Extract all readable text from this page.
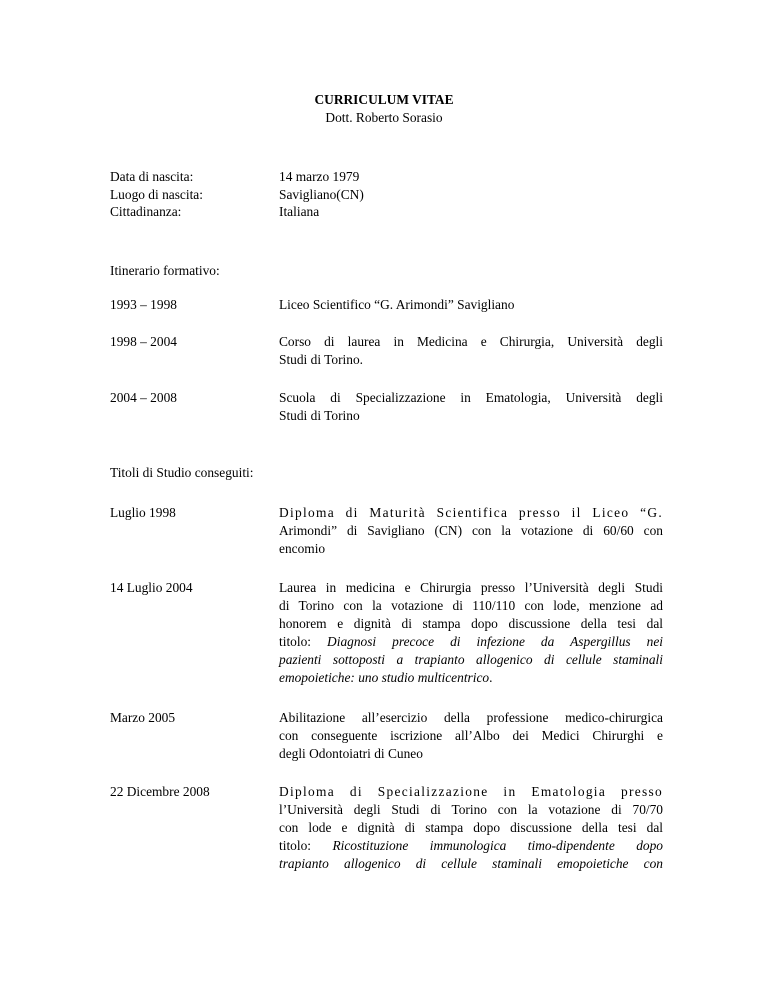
CURRICULUM VITAE
Dott. Roberto Sorasio
Data di nascita:	14 marzo 1979
Luogo di nascita:	Savigliano(CN)
Cittadinanza:	Italiana
Itinerario formativo:
1993 – 1998	Liceo Scientifico “G. Arimondi” Savigliano
1998 – 2004	Corso di laurea in Medicina e Chirurgia, Università degli
Studi di Torino.
2004 – 2008	Scuola di Specializzazione in Ematologia, Università degli
Studi di Torino
Titoli di Studio conseguiti:
Luglio 1998	Diploma di Maturità Scientifica presso il Liceo “G.
Arimondi” di Savigliano (CN) con la votazione di 60/60 con
encomio
14 Luglio 2004	Laurea in medicina e Chirurgia presso l’Università degli Studi
di Torino con la votazione di 110/110 con lode, menzione ad
honorem e dignità di stampa dopo discussione della tesi dal
titolo: Diagnosi precoce di infezione da Aspergillus nei
pazienti sottoposti a trapianto allogenico di cellule staminali
emopoietiche: uno studio multicentrico.
Marzo 2005	Abilitazione all’esercizio della professione medico-chirurgica
con conseguente iscrizione all’Albo dei Medici Chirurghi e
degli Odontoiatri di Cuneo
22 Dicembre 2008	Diploma di Specializzazione in Ematologia presso
l’Università degli Studi di Torino con la votazione di 70/70
con lode e dignità di stampa dopo discussione della tesi dal
titolo: Ricostituzione immunologica timo-dipendente dopo
trapianto allogenico di cellule staminali emopoietiche con
